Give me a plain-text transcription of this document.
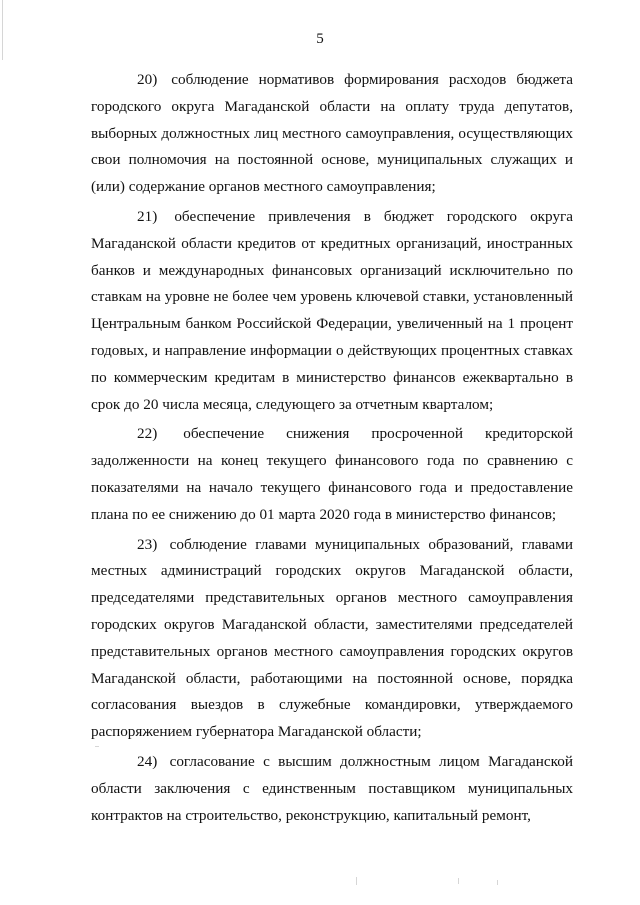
5

20) соблюдение нормативов формирования расходов бюджета городского округа Магаданской области на оплату труда депутатов, выборных должностных лиц местного самоуправления, осуществляющих свои полномочия на постоянной основе, муниципальных служащих и (или) содержание органов местного самоуправления;

21) обеспечение привлечения в бюджет городского округа Магаданской области кредитов от кредитных организаций, иностранных банков и международных финансовых организаций исключительно по ставкам на уровне не более чем уровень ключевой ставки, установленный Центральным банком Российской Федерации, увеличенный на 1 процент годовых, и направление информации о действующих процентных ставках по коммерческим кредитам в министерство финансов ежеквартально в срок до 20 числа месяца, следующего за отчетным кварталом;

22) обеспечение снижения просроченной кредиторской задолженности на конец текущего финансового года по сравнению с показателями на начало текущего финансового года и предоставление плана по ее снижению до 01 марта 2020 года в министерство финансов;

23) соблюдение главами муниципальных образований, главами местных администраций городских округов Магаданской области, председателями представительных органов местного самоуправления городских округов Магаданской области, заместителями председателей представительных органов местного самоуправления городских округов Магаданской области, работающими на постоянной основе, порядка согласования выездов в служебные командировки, утверждаемого распоряжением губернатора Магаданской области;

24) согласование с высшим должностным лицом Магаданской области заключения с единственным поставщиком муниципальных контрактов на строительство, реконструкцию, капитальный ремонт,
